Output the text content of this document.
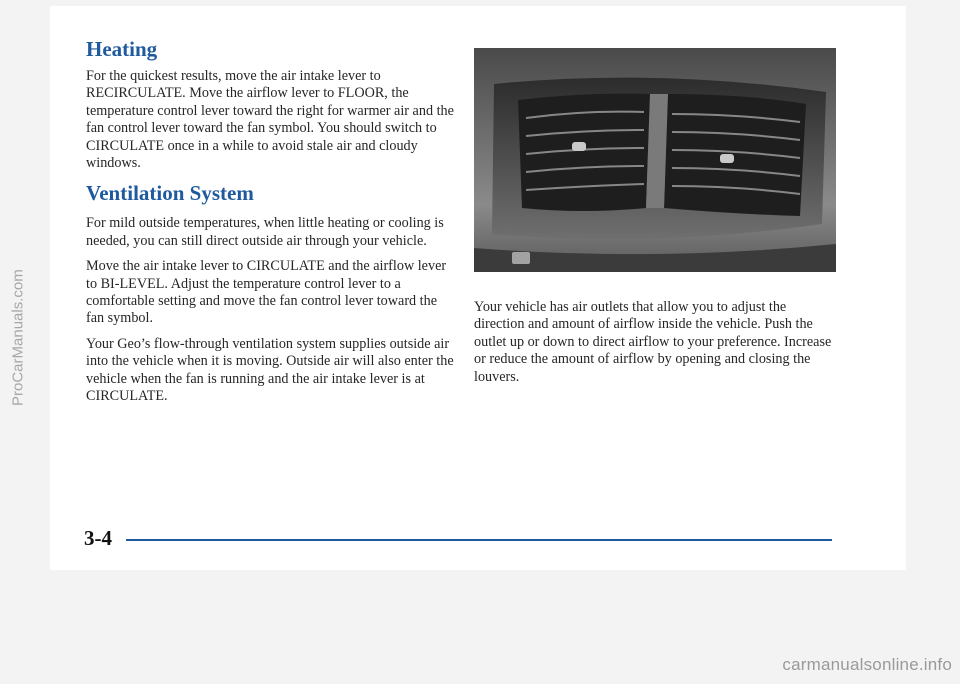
Heating

For the quickest results, move the air intake lever to RECIRCULATE. Move the airflow lever to FLOOR, the temperature control lever toward the right for warmer air and the fan control lever toward the fan symbol. You should switch to CIRCULATE once in a while to avoid stale air and cloudy windows.

Ventilation System

For mild outside temperatures, when little heating or cooling is needed, you can still direct outside air through your vehicle.

Move the air intake lever to CIRCULATE and the airflow lever to BI-LEVEL. Adjust the temperature control lever to a comfortable setting and move the fan control lever toward the fan symbol.

Your Geo’s flow-through ventilation system supplies outside air into the vehicle when it is moving. Outside air will also enter the vehicle when the fan is running and the air intake lever is at CIRCULATE.

Your vehicle has air outlets that allow you to adjust the direction and amount of airflow inside the vehicle. Push the outlet up or down to direct airflow to your preference. Increase or reduce the amount of airflow by opening and closing the louvers.

3-4
ProCarManuals.com
carmanualsonline.info
